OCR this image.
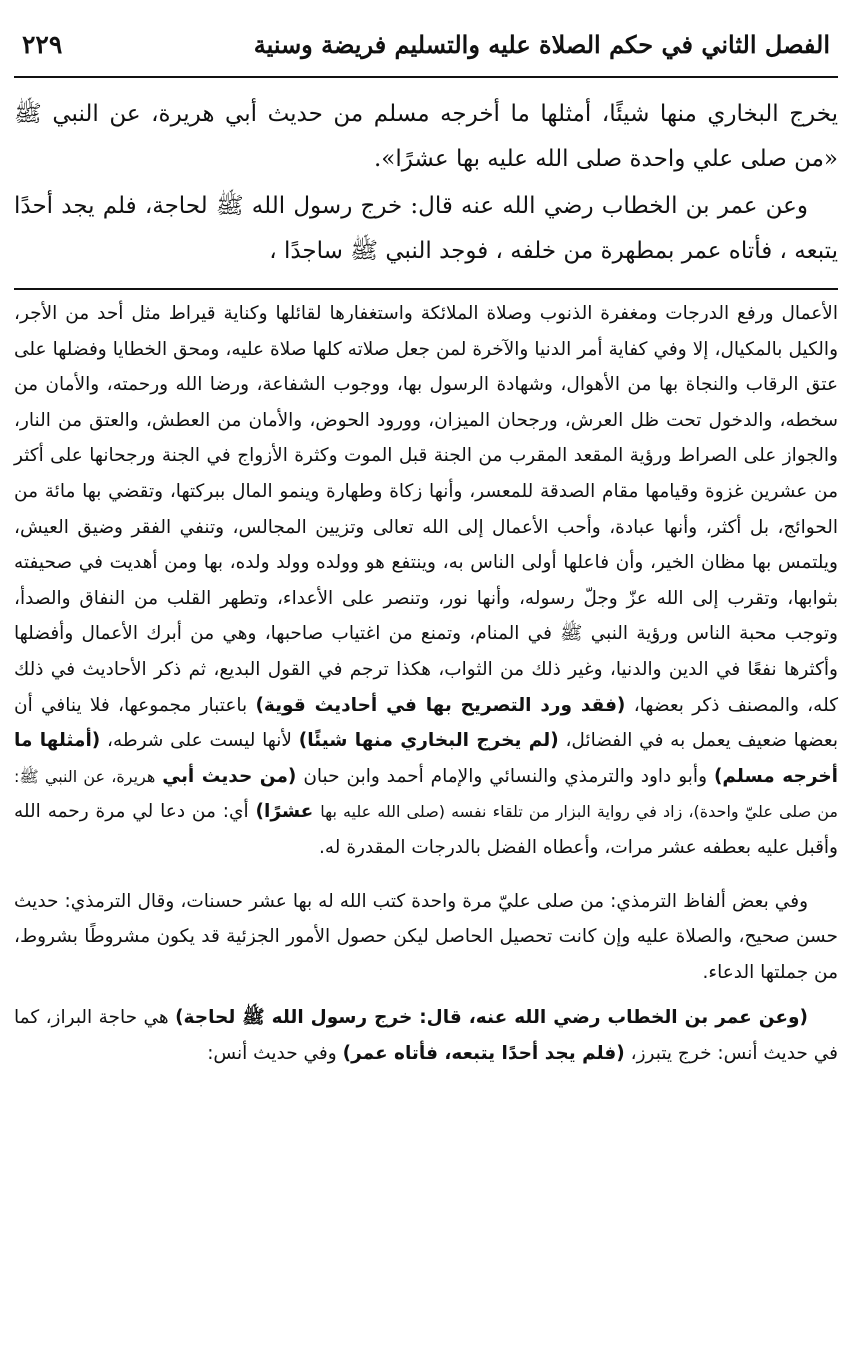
الفصل الثاني في حكم الصلاة عليه والتسليم فريضة وسنية
٢٢٩

يخرج البخاري منها شيئًا، أمثلها ما أخرجه مسلم من حديث أبي هريرة، عن النبي ﷺ «من صلى علي واحدة صلى الله عليه بها عشرًا».

وعن عمر بن الخطاب رضي الله عنه قال: خرج رسول الله ﷺ لحاجة، فلم يجد أحدًا يتبعه ، فأتاه عمر بمطهرة من خلفه ، فوجد النبي ﷺ ساجدًا ،

الأعمال ورفع الدرجات ومغفرة الذنوب وصلاة الملائكة واستغفارها لقائلها وكناية قيراط مثل أحد من الأجر، والكيل بالمكيال، إلا وفي كفاية أمر الدنيا والآخرة لمن جعل صلاته كلها صلاة عليه، ومحق الخطايا وفضلها على عتق الرقاب والنجاة بها من الأهوال، وشهادة الرسول بها، ووجوب الشفاعة، ورضا الله ورحمته، والأمان من سخطه، والدخول تحت ظل العرش، ورجحان الميزان، وورود الحوض، والأمان من العطش، والعتق من النار، والجواز على الصراط ورؤية المقعد المقرب من الجنة قبل الموت وكثرة الأزواج في الجنة ورجحانها على أكثر من عشرين غزوة وقيامها مقام الصدقة للمعسر، وأنها زكاة وطهارة وينمو المال ببركتها، وتقضي بها مائة من الحوائج، بل أكثر، وأنها عبادة، وأحب الأعمال إلى الله تعالى وتزيين المجالس، وتنفي الفقر وضيق العيش، ويلتمس بها مظان الخير، وأن فاعلها أولى الناس به، وينتفع هو وولده وولد ولده، بها ومن أهديت في صحيفته بثوابها، وتقرب إلى الله عزّ وجلّ رسوله، وأنها نور، وتنصر على الأعداء، وتطهر القلب من النفاق والصدأ، وتوجب محبة الناس ورؤية النبي ﷺ في المنام، وتمنع من اغتياب صاحبها، وهي من أبرك الأعمال وأفضلها وأكثرها نفعًا في الدين والدنيا، وغير ذلك من الثواب، هكذا ترجم في القول البديع، ثم ذكر الأحاديث في ذلك كله، والمصنف ذكر بعضها، (فقد ورد التصريح بها في أحاديث قوية) باعتبار مجموعها، فلا ينافي أن بعضها ضعيف يعمل به في الفضائل، (لم يخرج البخاري منها شيئًا) لأنها ليست على شرطه، (أمثلها ما أخرجه مسلم) وأبو داود والترمذي والنسائي والإمام أحمد وابن حبان (من حديث أبي هريرة، عن النبي ﷺ: من صلى عليّ واحدة)، زاد في رواية البزار من تلقاء نفسه (صلى الله عليه بها عشرًا) أي: من دعا لي مرة رحمه الله وأقبل عليه بعطفه عشر مرات، وأعطاه الفضل بالدرجات المقدرة له.

وفي بعض ألفاظ الترمذي: من صلى عليّ مرة واحدة كتب الله له بها عشر حسنات، وقال الترمذي: حديث حسن صحيح، والصلاة عليه وإن كانت تحصيل الحاصل ليكن حصول الأمور الجزئية قد يكون مشروطًا بشروط، من جملتها الدعاء.

(وعن عمر بن الخطاب رضي الله عنه، قال: خرج رسول الله ﷺ لحاجة) هي حاجة البراز، كما في حديث أنس: خرج يتبرز، (فلم يجد أحدًا يتبعه، فأتاه عمر) وفي حديث أنس:
